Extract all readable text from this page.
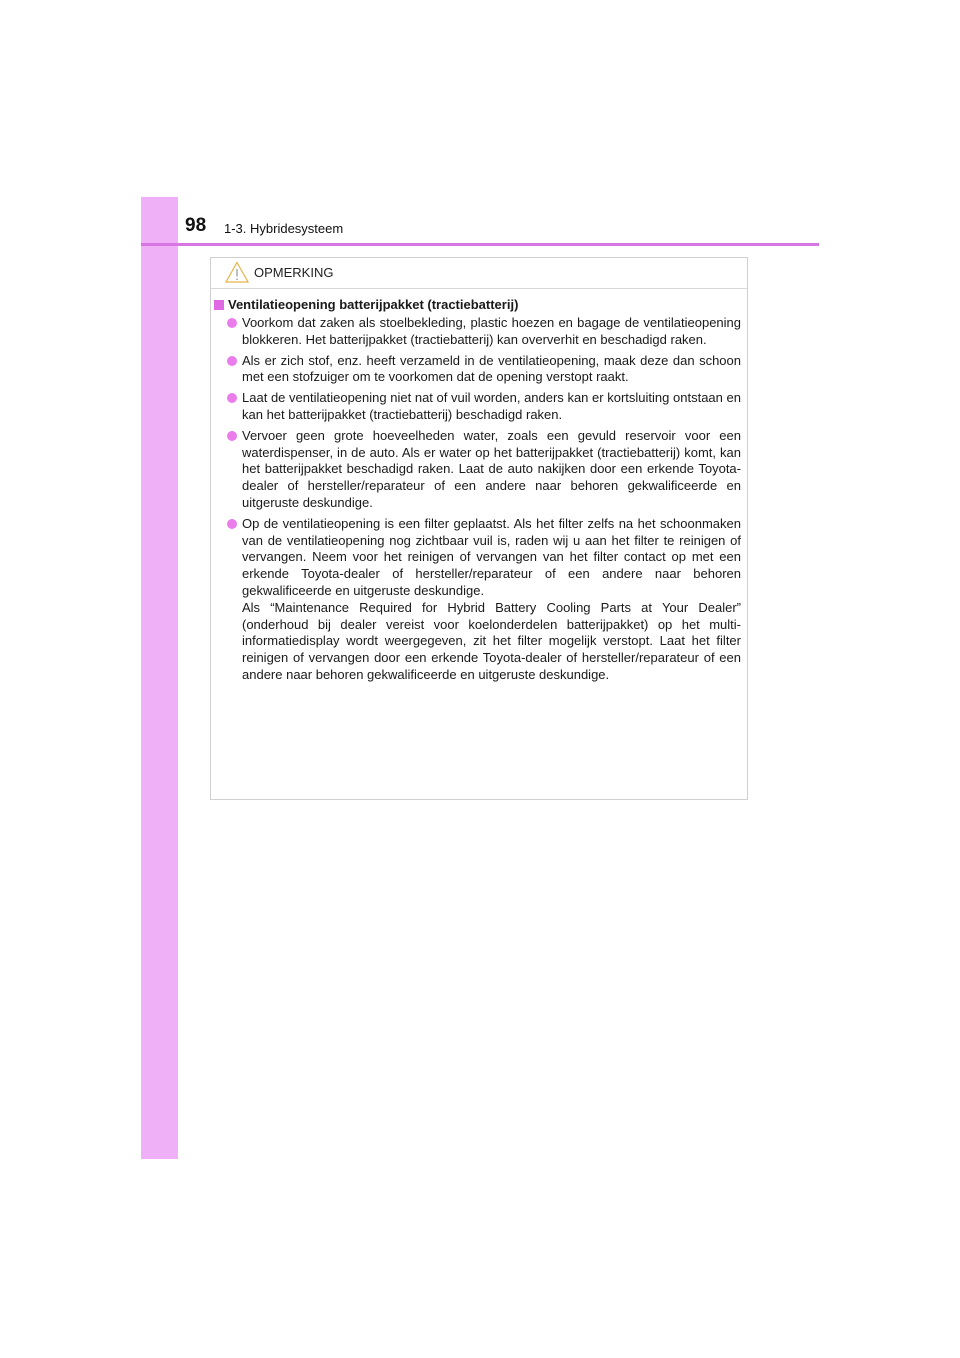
98 1-3. Hybridesysteem
OPMERKING
Ventilatieopening batterijpakket (tractiebatterij)

Voorkom dat zaken als stoelbekleding, plastic hoezen en bagage de ventilatieopening blokkeren. Het batterijpakket (tractiebatterij) kan oververhit en beschadigd raken.

Als er zich stof, enz. heeft verzameld in de ventilatieopening, maak deze dan schoon met een stofzuiger om te voorkomen dat de opening verstopt raakt.

Laat de ventilatieopening niet nat of vuil worden, anders kan er kortsluiting ontstaan en kan het batterijpakket (tractiebatterij) beschadigd raken.

Vervoer geen grote hoeveelheden water, zoals een gevuld reservoir voor een waterdispenser, in de auto. Als er water op het batterijpakket (tractiebatterij) komt, kan het batterijpakket beschadigd raken. Laat de auto nakijken door een erkende Toyota-dealer of hersteller/reparateur of een andere naar behoren gekwalificeerde en uitgeruste deskundige.

Op de ventilatieopening is een filter geplaatst. Als het filter zelfs na het schoonmaken van de ventilatieopening nog zichtbaar vuil is, raden wij u aan het filter te reinigen of vervangen. Neem voor het reinigen of vervangen van het filter contact op met een erkende Toyota-dealer of hersteller/reparateur of een andere naar behoren gekwalificeerde en uitgeruste deskundige.

Als “Maintenance Required for Hybrid Battery Cooling Parts at Your Dealer” (onderhoud bij dealer vereist voor koelonderdelen batterijpakket) op het multi-informatiedisplay wordt weergegeven, zit het filter mogelijk verstopt. Laat het filter reinigen of vervangen door een erkende Toyota-dealer of hersteller/reparateur of een andere naar behoren gekwalificeerde en uitgeruste deskundige.
